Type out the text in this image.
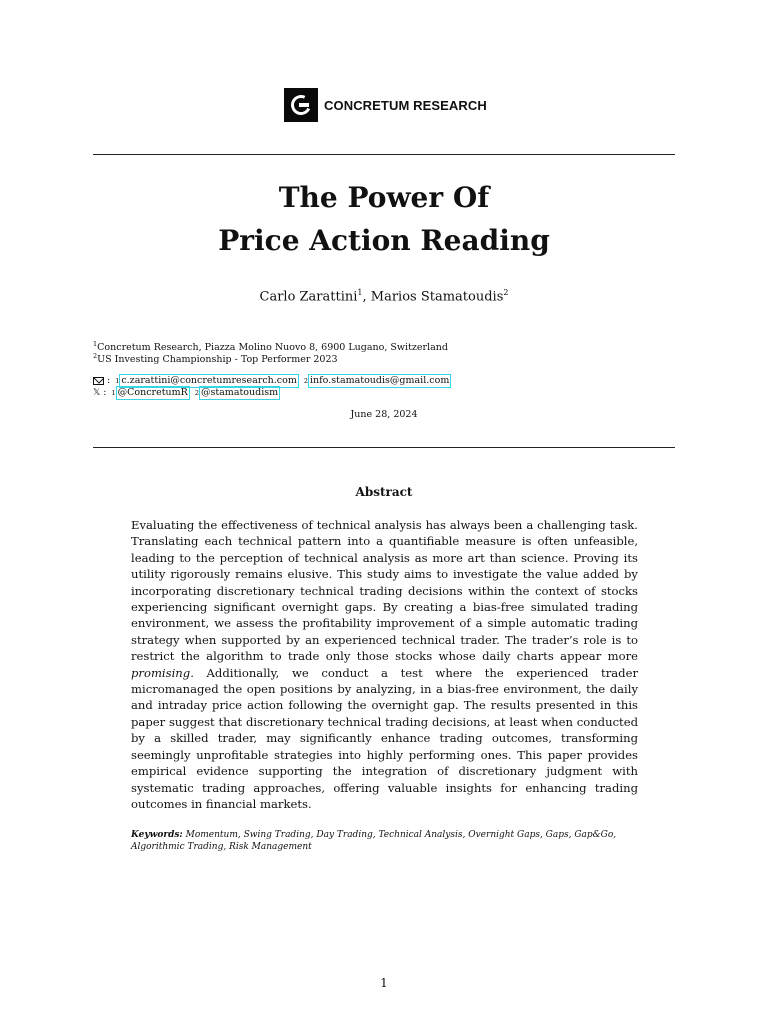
CONCRETUM RESEARCH
The Power Of
Price Action Reading
Carlo Zarattini$^1$, Marios Stamatoudis$^2$
$^1$Concretum Research, Piazza Molino Nuovo 8, 6900 Lugano, Switzerland
$^2$US Investing Championship - Top Performer 2023
: 1 c.zarattini@concretumresearch.com	2 info.stamatoudis@gmail.com
𝕏 : 1 @ConcretumR	2 @stamatoudism
June 28, 2024
Abstract

Evaluating the effectiveness of technical analysis has always been a challenging task. Translating each technical pattern into a quantifiable measure is often unfeasible, leading to the perception of technical analysis as more art than science. Proving its utility rigorously remains elusive. This study aims to investigate the value added by incorporating discretionary technical trading decisions within the context of stocks experiencing significant overnight gaps. By creating a bias-free simulated trading environment, we assess the profitability improvement of a simple automatic trading strategy when supported by an experienced technical trader. The trader’s role is to restrict the algorithm to trade only those stocks whose daily charts appear more promising. Additionally, we conduct a test where the experienced trader micromanaged the open positions by analyzing, in a bias-free environment, the daily and intraday price action following the overnight gap. The results presented in this paper suggest that discretionary technical trading decisions, at least when conducted by a skilled trader, may significantly enhance trading outcomes, transforming seemingly unprofitable strategies into highly performing ones. This paper provides empirical evidence supporting the integration of discretionary judgment with systematic trading approaches, offering valuable insights for enhancing trading outcomes in financial markets.

Keywords: Momentum, Swing Trading, Day Trading, Technical Analysis, Overnight Gaps, Gaps, Gap&Go, Algorithmic Trading, Risk Management
1
